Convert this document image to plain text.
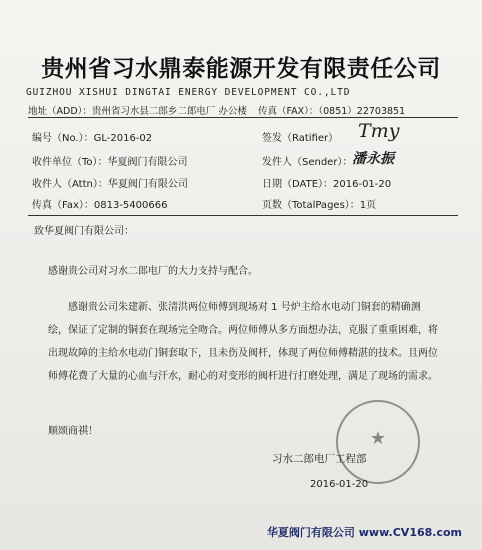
贵州省习水鼎泰能源开发有限责任公司
GUIZHOU XISHUI DINGTAI ENERGY DEVELOPMENT CO.,LTD
地址（ADD）：贵州省习水县二郎乡二郎电厂 办公楼 传真（FAX）：（0851）22703851
编号（No.）：GL-2016-02	签发（Ratifier） Tmy
收件单位（To）：华夏阀门有限公司	发件人（Sender）： 潘永振
收件人（Attn）：华夏阀门有限公司	日期（DATE）：2016-01-20
传真（Fax）：0813-5400666	页数（TotalPages）：1页
致华夏阀门有限公司：
感谢贵公司对习水二郎电厂的大力支持与配合。
感谢贵公司朱建新、张清洪两位师傅到现场对 1 号炉主给水电动门铜套的精确测绘，保证了定制的铜套在现场完全吻合。两位师傅从多方面想办法，克服了重重困难，将出现故障的主给水电动门铜套取下，且未伤及阀杆，体现了两位师傅精湛的技术。且两位师傅花费了大量的心血与汗水，耐心的对变形的阀杆进行打磨处理，满足了现场的需求。
顺颂商祺！	★
习水二郎电厂工程部
2016-01-20
华夏阀门有限公司 www.CV168.com
